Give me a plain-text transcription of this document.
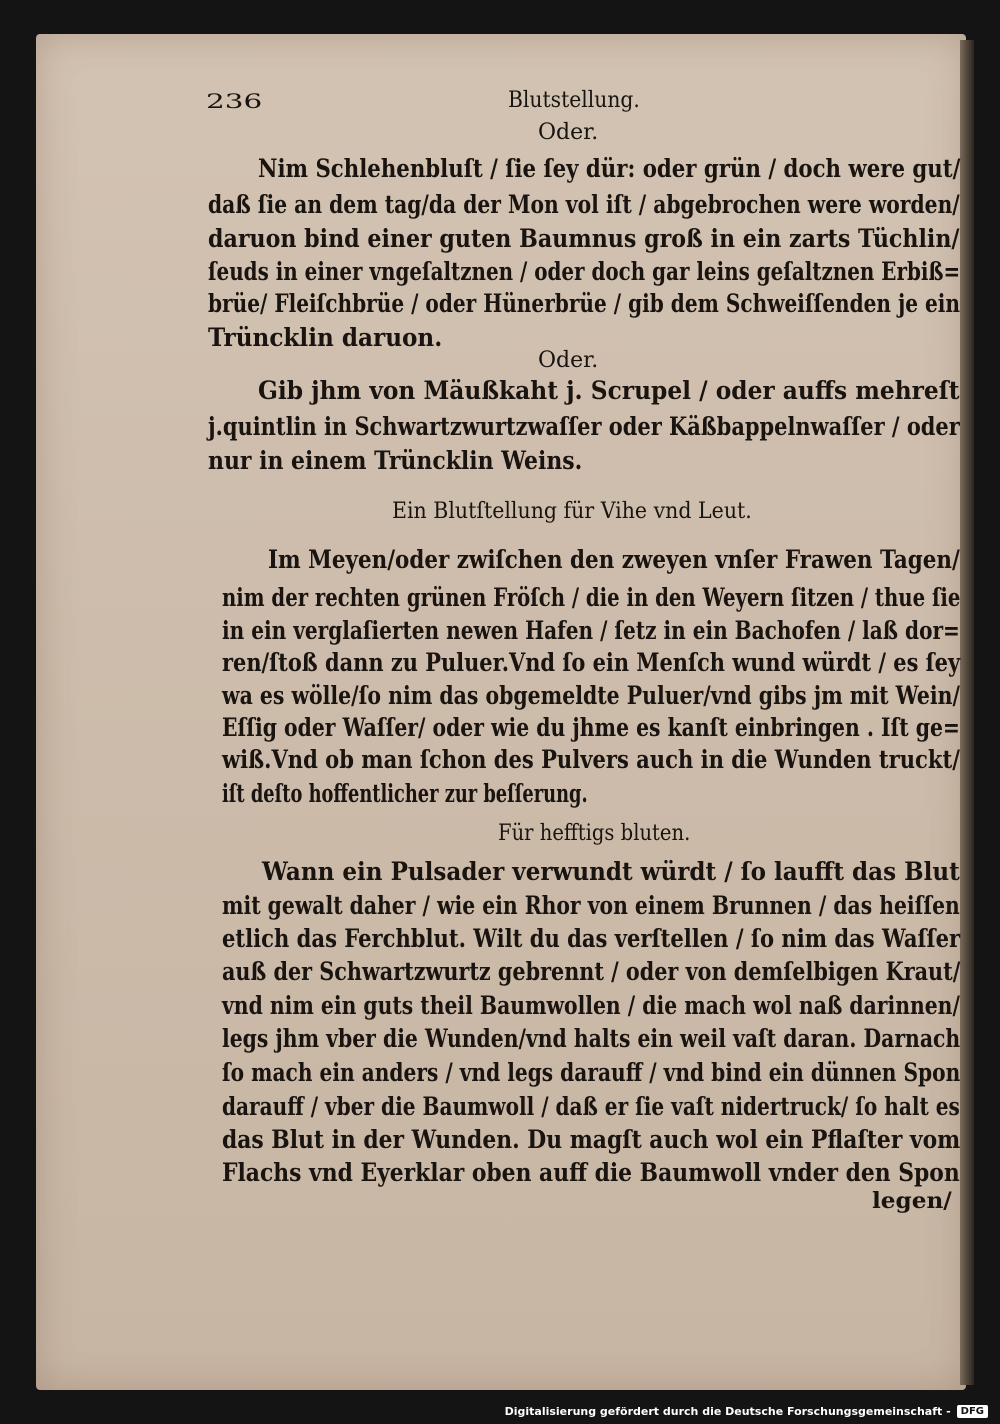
236	Blutstellung.
Oder.
Nim Schlehenbluſt / ſie ſey dür: oder grün / doch were gut/
daß ſie an dem tag/da der Mon vol iſt / abgebrochen were worden/
daruon bind einer guten Baumnus groß in ein zarts Tüchlin/
ſeuds in einer vngeſaltznen / oder doch gar leins geſaltznen Erbiß=
brüe/ Fleiſchbrüe / oder Hünerbrüe / gib dem Schweiſſenden je ein
Trüncklin daruon.
Oder.
Gib jhm von Mäußkaht j. Scrupel / oder auffs mehreſt
j.quintlin in Schwartzwurtzwaſſer oder Käßbappelnwaſſer / oder
nur in einem Trüncklin Weins.
Ein Blutſtellung für Vihe vnd Leut.
Im Meyen/oder zwiſchen den zweyen vnſer Frawen Tagen/
nim der rechten grünen Fröſch / die in den Weyern ſitzen / thue ſie
in ein verglaſierten newen Hafen / ſetz in ein Bachofen / laß dor=
ren/ſtoß dann zu Puluer.Vnd ſo ein Menſch wund würdt / es ſey
wa es wölle/ſo nim das obgemeldte Puluer/vnd gibs jm mit Wein/
Eſſig oder Waſſer/ oder wie du jhme es kanſt einbringen . Iſt ge=
wiß.Vnd ob man ſchon des Pulvers auch in die Wunden truckt/
iſt deſto hoffentlicher zur beſſerung.
Für hefftigs bluten.
Wann ein Pulsader verwundt würdt / ſo laufft das Blut
mit gewalt daher / wie ein Rhor von einem Brunnen / das heiſſen
etlich das Ferchblut. Wilt du das verſtellen / ſo nim das Waſſer
auß der Schwartzwurtz gebrennt / oder von demſelbigen Kraut/
vnd nim ein guts theil Baumwollen / die mach wol naß darinnen/
legs jhm vber die Wunden/vnd halts ein weil vaſt daran. Darnach
ſo mach ein anders / vnd legs darauff / vnd bind ein dünnen Spon
darauff / vber die Baumwoll / daß er ſie vaſt nidertruck/ ſo halt es
das Blut in der Wunden. Du magſt auch wol ein Pflaſter vom
Flachs vnd Eyerklar oben auff die Baumwoll vnder den Spon
legen/
Digitalisierung gefördert durch die Deutsche Forschungsgemeinschaft -	DFG
